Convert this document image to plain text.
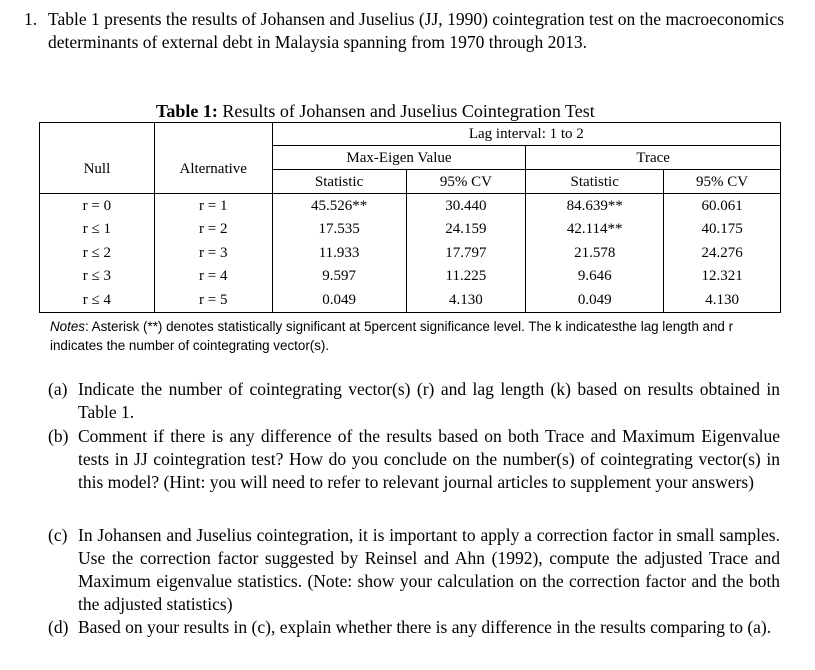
1. Table 1 presents the results of Johansen and Juselius (JJ, 1990) cointegration test on the macroeconomics determinants of external debt in Malaysia spanning from 1970 through 2013.
Table 1: Results of Johansen and Juselius Cointegration Test
		Lag interval: 1 to 2			
Null	Alternative	Max-Eigen Value		Trace	
		Statistic	95% CV	Statistic	95% CV
r = 0	r = 1	45.526**	30.440	84.639**	60.061
r ≤ 1	r = 2	17.535	24.159	42.114**	40.175
r ≤ 2	r = 3	11.933	17.797	21.578	24.276
r ≤ 3	r = 4	9.597	11.225	9.646	12.321
r ≤ 4	r = 5	0.049	4.130	0.049	4.130
Notes: Asterisk (**) denotes statistically significant at 5percent significance level. The k indicatesthe lag length and r indicates the number of cointegrating vector(s).
(a) Indicate the number of cointegrating vector(s) (r) and lag length (k) based on results obtained in Table 1.
(b) Comment if there is any difference of the results based on both Trace and Maximum Eigenvalue tests in JJ cointegration test? How do you conclude on the number(s) of cointegrating vector(s) in this model? (Hint: you will need to refer to relevant journal articles to supplement your answers)
(c) In Johansen and Juselius cointegration, it is important to apply a correction factor in small samples. Use the correction factor suggested by Reinsel and Ahn (1992), compute the adjusted Trace and Maximum eigenvalue statistics. (Note: show your calculation on the correction factor and the both the adjusted statistics)
(d) Based on your results in (c), explain whether there is any difference in the results comparing to (a).
